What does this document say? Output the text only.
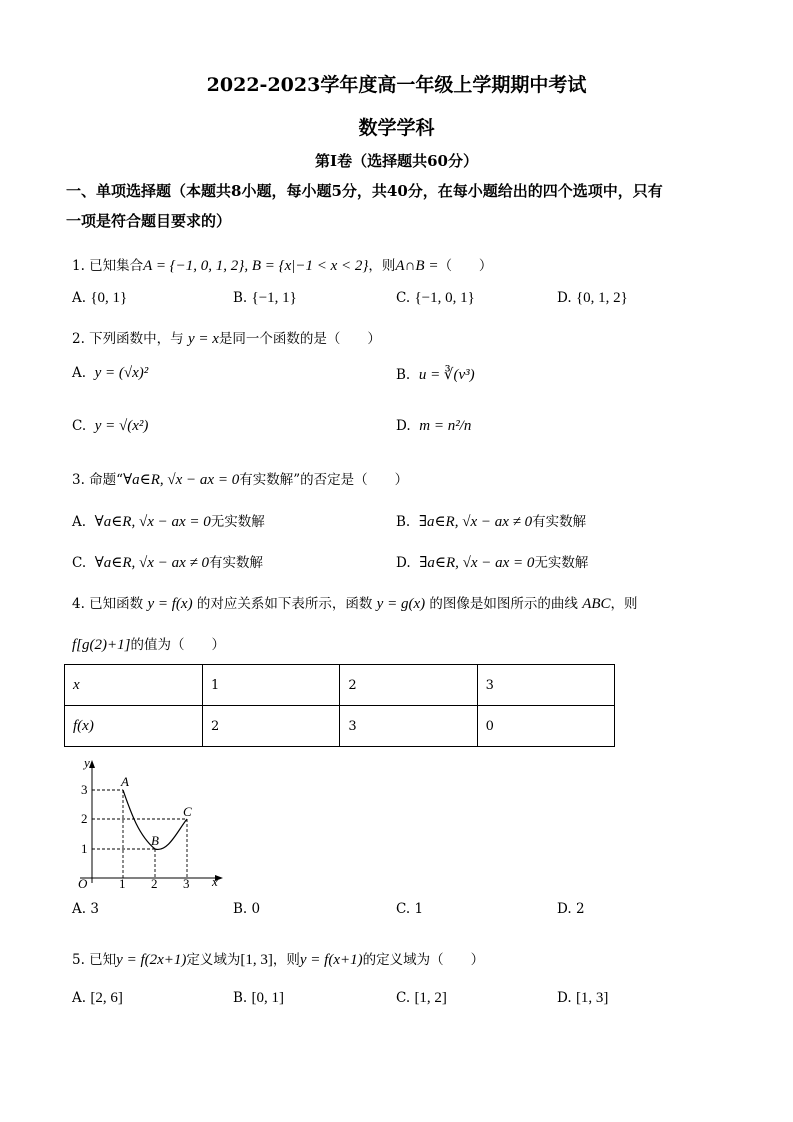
2022-2023学年度高一年级上学期期中考试
数学学科
第Ⅰ卷（选择题共60分）
一、单项选择题（本题共8小题，每小题5分，共40分，在每小题给出的四个选项中，只有
一项是符合题目要求的）
1. 已知集合A = {−1, 0, 1, 2}, B = {x|−1 < x < 2}，则A∩B =（　　）
A. {0, 1}	B. {−1, 1}	C. {−1, 0, 1}	D. {0, 1, 2}
2. 下列函数中，与 y = x是同一个函数的是（　　）
A. y = (√x)²	B. u = ∛(v³)
C. y = √(x²)	D. m = n²/n
3. 命题“∀a∈R, √x − ax = 0有实数解”的否定是（　　）
A. ∀a∈R, √x − ax = 0无实数解	B. ∃a∈R, √x − ax ≠ 0有实数解
C. ∀a∈R, √x − ax ≠ 0有实数解	D. ∃a∈R, √x − ax = 0无实数解
4. 已知函数 y = f(x) 的对应关系如下表所示，函数 y = g(x) 的图像是如图所示的曲线 ABC，则
f[g(2)+1]的值为（　　）
x	1	2	3
f(x)	2	3	0
y
x
O 1 2 3
1
2
3
A
B
C
A. 3	B. 0	C. 1	D. 2
5. 已知y = f(2x+1)定义域为[1, 3]，则y = f(x+1)的定义域为（　　）
A. [2, 6]	B. [0, 1]	C. [1, 2]	D. [1, 3]
